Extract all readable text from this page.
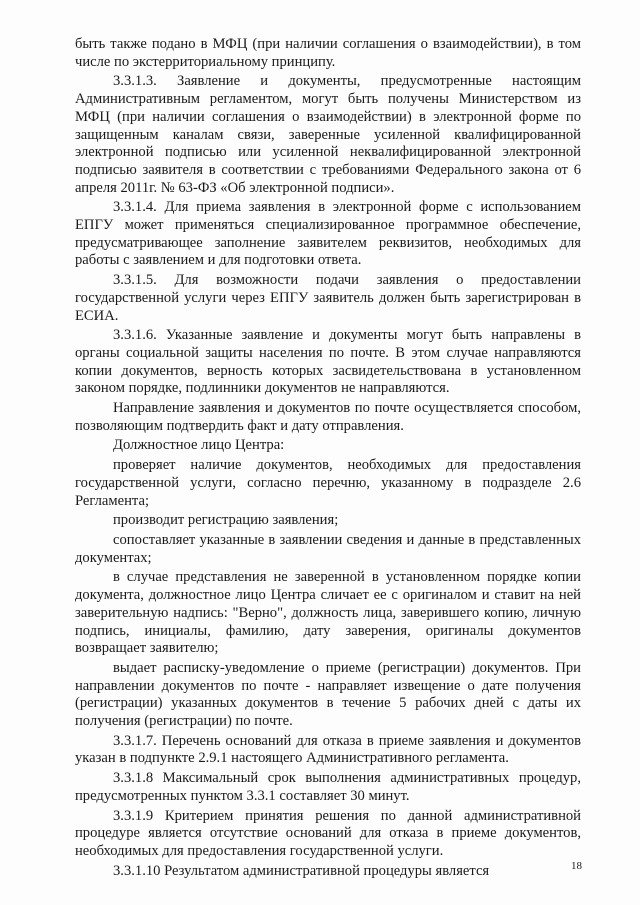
быть также подано в МФЦ (при наличии соглашения о взаимодействии), в том числе по экстерриториальному принципу.

3.3.1.3. Заявление и документы, предусмотренные настоящим Административным регламентом, могут быть получены Министерством из МФЦ (при наличии соглашения о взаимодействии) в электронной форме по защищенным каналам связи, заверенные усиленной квалифицированной электронной подписью или усиленной неквалифицированной электронной подписью заявителя в соответствии с требованиями Федерального закона от 6 апреля 2011г. № 63-ФЗ «Об электронной подписи».

3.3.1.4. Для приема заявления в электронной форме с использованием ЕПГУ может применяться специализированное программное обеспечение, предусматривающее заполнение заявителем реквизитов, необходимых для работы с заявлением и для подготовки ответа.

3.3.1.5. Для возможности подачи заявления о предоставлении государственной услуги через ЕПГУ заявитель должен быть зарегистрирован в ЕСИА.

3.3.1.6. Указанные заявление и документы могут быть направлены в органы социальной защиты населения по почте. В этом случае направляются копии документов, верность которых засвидетельствована в установленном законом порядке, подлинники документов не направляются.

Направление заявления и документов по почте осуществляется способом, позволяющим подтвердить факт и дату отправления.

Должностное лицо Центра:

проверяет наличие документов, необходимых для предоставления государственной услуги, согласно перечню, указанному в подразделе 2.6 Регламента;

производит регистрацию заявления;

сопоставляет указанные в заявлении сведения и данные в представленных документах;

в случае представления не заверенной в установленном порядке копии документа, должностное лицо Центра сличает ее с оригиналом и ставит на ней заверительную надпись: "Верно", должность лица, заверившего копию, личную подпись, инициалы, фамилию, дату заверения, оригиналы документов возвращает заявителю;

выдает расписку-уведомление о приеме (регистрации) документов. При направлении документов по почте - направляет извещение о дате получения (регистрации) указанных документов в течение 5 рабочих дней с даты их получения (регистрации) по почте.

3.3.1.7. Перечень оснований для отказа в приеме заявления и документов указан в подпункте 2.9.1 настоящего Административного регламента.

3.3.1.8 Максимальный срок выполнения административных процедур, предусмотренных пунктом 3.3.1 составляет 30 минут.

3.3.1.9 Критерием принятия решения по данной административной процедуре является отсутствие оснований для отказа в приеме документов, необходимых для предоставления государственной услуги.

3.3.1.10 Результатом административной процедуры является	18
